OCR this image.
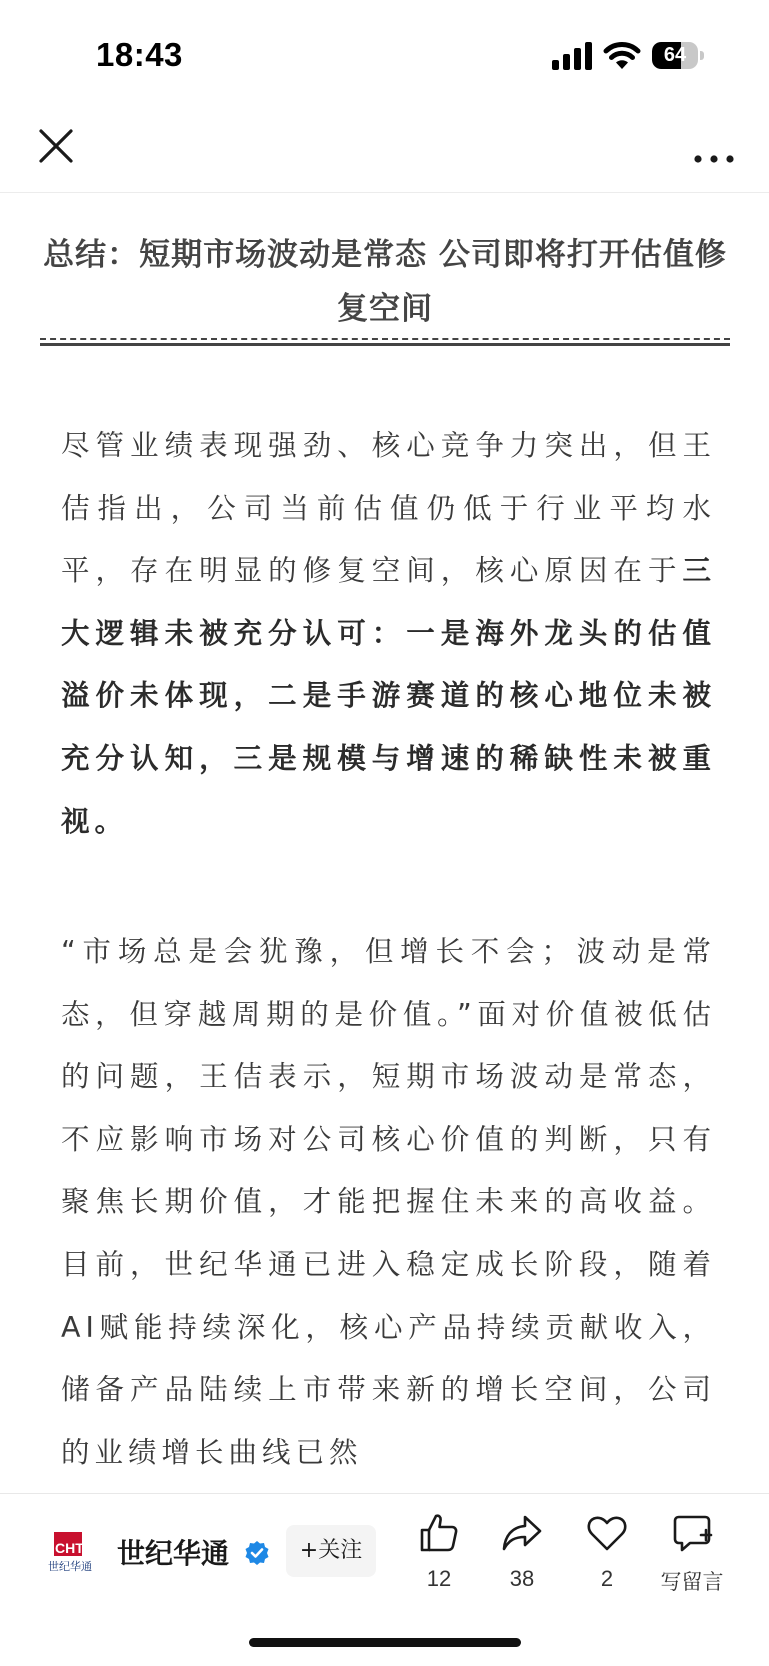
18:43	64
总结：短期市场波动是常态 公司即将打开估值修复空间

尽管业绩表现强劲、核心竞争力突出，但王佶指出，公司当前估值仍低于行业平均水平，存在明显的修复空间，核心原因在于三大逻辑未被充分认可：一是海外龙头的估值溢价未体现，二是手游赛道的核心地位未被充分认知，三是规模与增速的稀缺性未被重视。

“市场总是会犹豫，但增长不会；波动是常态，但穿越周期的是价值。”面对价值被低估的问题，王佶表示，短期市场波动是常态，不应影响市场对公司核心价值的判断，只有聚焦长期价值，才能把握住未来的高收益。目前，世纪华通已进入稳定成长阶段，随着AI赋能持续深化，核心产品持续贡献收入，储备产品陆续上市带来新的增长空间，公司的业绩增长曲线已然

CHT
世纪华通 世纪华通	+关注
12	38	2	写留言
